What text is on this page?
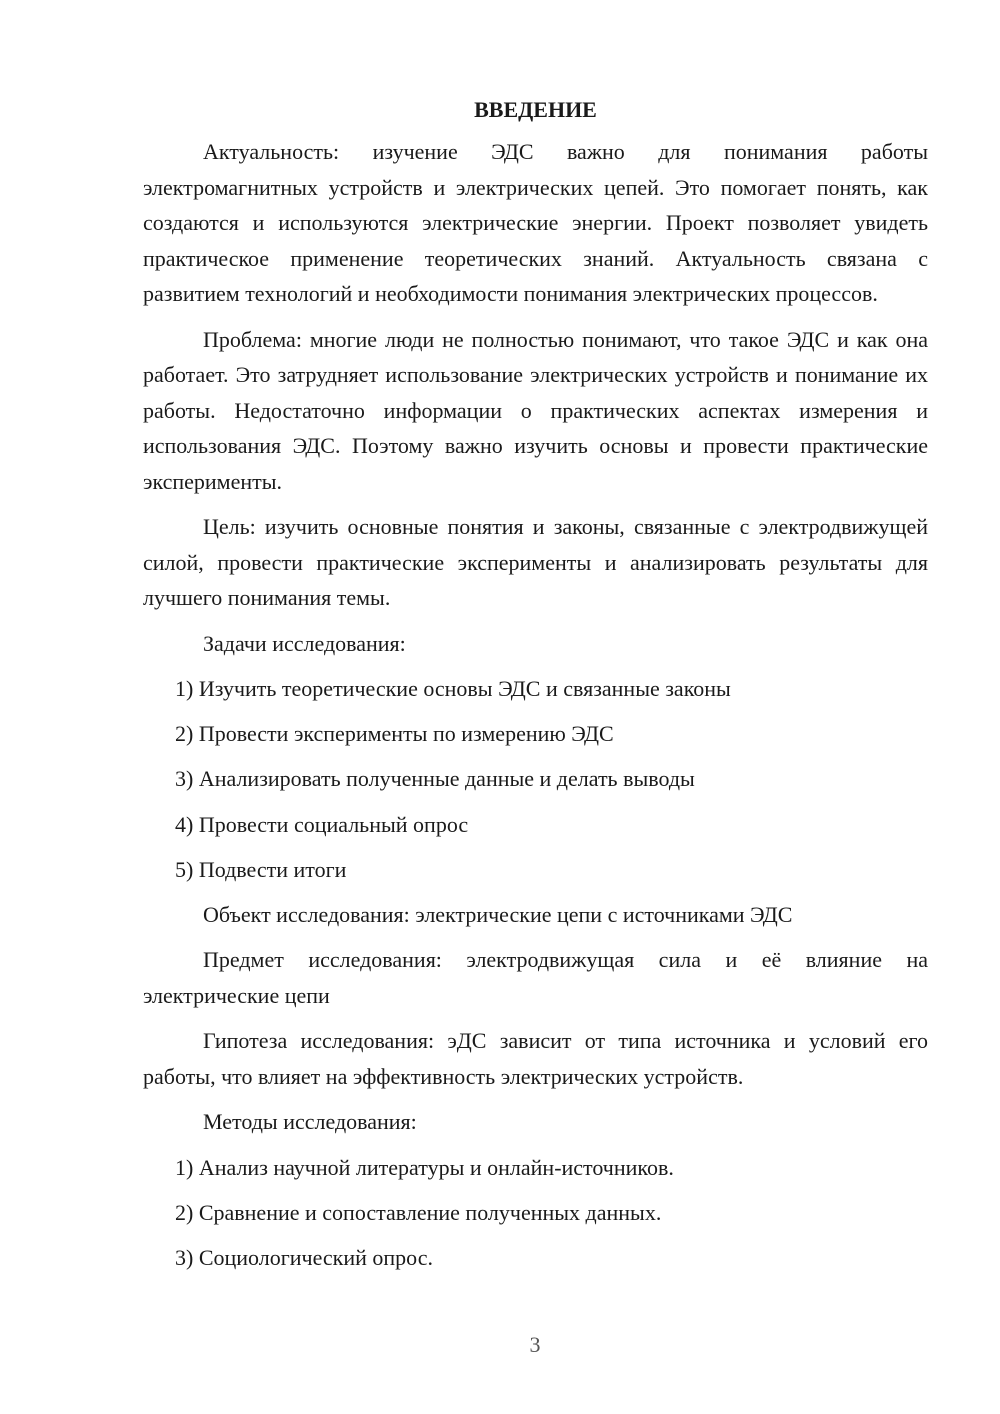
ВВЕДЕНИЕ

Актуальность: изучение ЭДС важно для понимания работы электромагнитных устройств и электрических цепей. Это помогает понять, как создаются и используются электрические энергии. Проект позволяет увидеть практическое применение теоретических знаний. Актуальность связана с развитием технологий и необходимости понимания электрических процессов.

Проблема: многие люди не полностью понимают, что такое ЭДС и как она работает. Это затрудняет использование электрических устройств и понимание их работы. Недостаточно информации о практических аспектах измерения и использования ЭДС. Поэтому важно изучить основы и провести практические эксперименты.

Цель: изучить основные понятия и законы, связанные с электродвижущей силой, провести практические эксперименты и анализировать результаты для лучшего понимания темы.

Задачи исследования:

1) Изучить теоретические основы ЭДС и связанные законы
2) Провести эксперименты по измерению ЭДС
3) Анализировать полученные данные и делать выводы
4) Провести социальный опрос
5) Подвести итоги

Объект исследования: электрические цепи с источниками ЭДС

Предмет исследования: электродвижущая сила и её влияние на электрические цепи

Гипотеза исследования: эДС зависит от типа источника и условий его работы, что влияет на эффективность электрических устройств.

Методы исследования:

1) Анализ научной литературы и онлайн-источников.
2) Сравнение и сопоставление полученных данных.
3) Социологический опрос.
3
